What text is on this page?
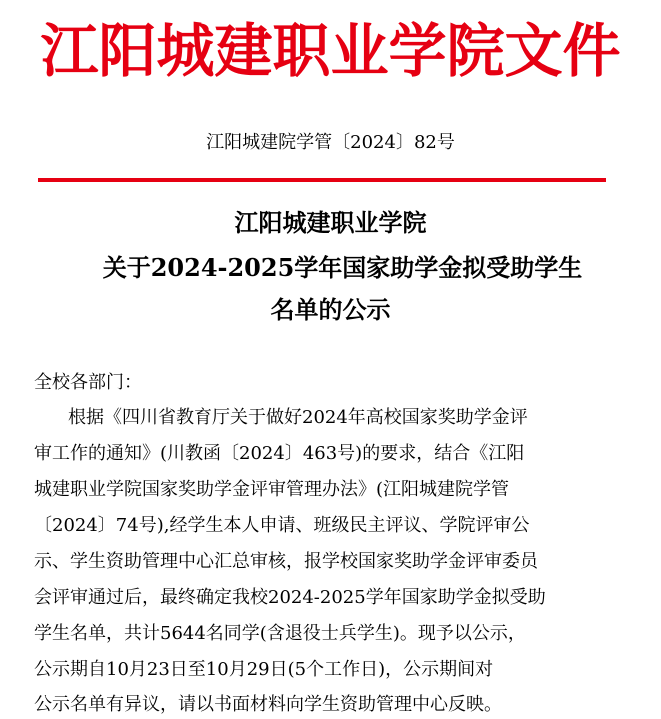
江阳城建职业学院文件
江阳城建院学管〔2024〕82号
江阳城建职业学院
关于2024-2025学年国家助学金拟受助学生
名单的公示
全校各部门：
根据《四川省教育厅关于做好2024年高校国家奖助学金评
审工作的通知》(川教函〔2024〕463号)的要求，结合《江阳
城建职业学院国家奖助学金评审管理办法》(江阳城建院学管
〔2024〕74号),经学生本人申请、班级民主评议、学院评审公
示、学生资助管理中心汇总审核，报学校国家奖助学金评审委员
会评审通过后，最终确定我校2024-2025学年国家助学金拟受助
学生名单，共计5644名同学(含退役士兵学生)。现予以公示，
公示期自10月23日至10月29日(5个工作日)，公示期间对
公示名单有异议，请以书面材料向学生资助管理中心反映。
